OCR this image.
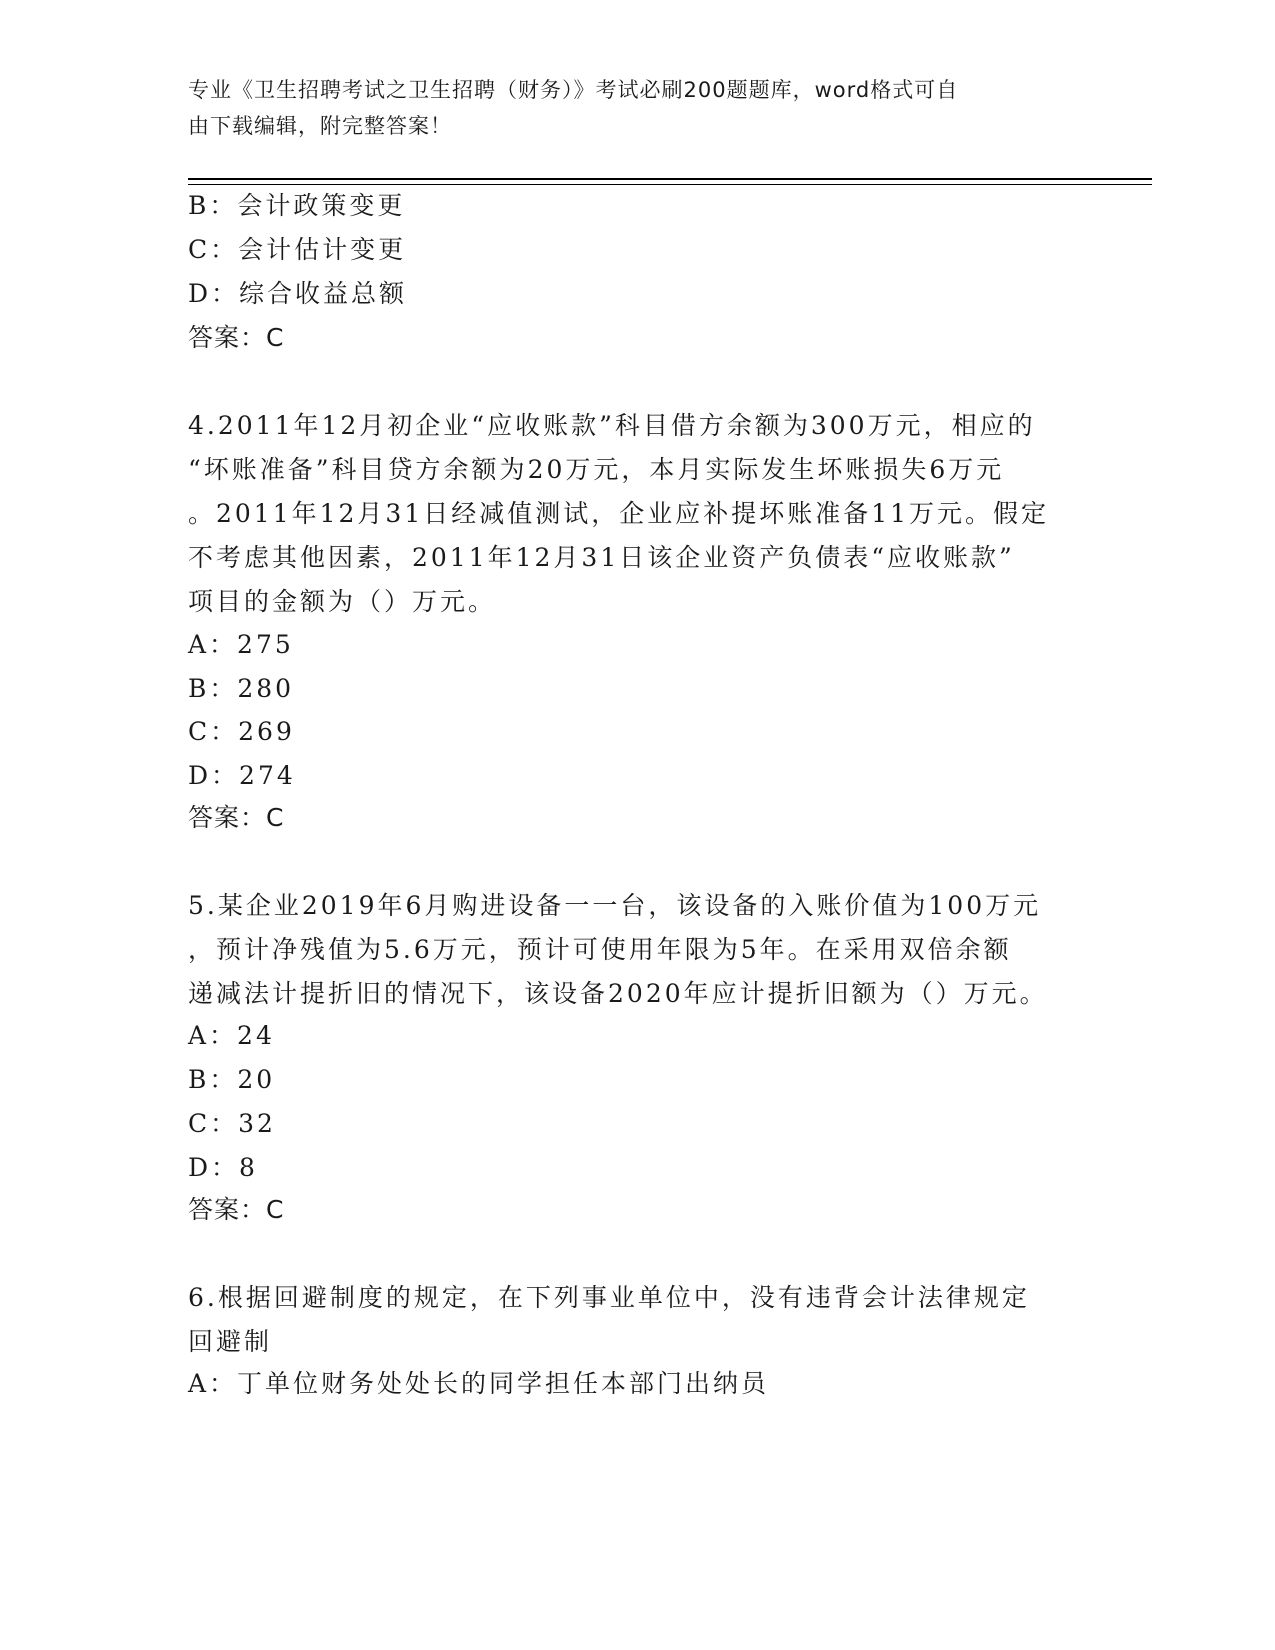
专业《卫生招聘考试之卫生招聘（财务）》考试必刷200题题库，word格式可自
由下载编辑，附完整答案！
B：会计政策变更
C：会计估计变更
D：综合收益总额
答案：C
4.2011年12月初企业“应收账款”科目借方余额为300万元，相应的
“坏账准备”科目贷方余额为20万元，本月实际发生坏账损失6万元
。2011年12月31日经减值测试，企业应补提坏账准备11万元。假定
不考虑其他因素，2011年12月31日该企业资产负债表“应收账款”
项目的金额为（）万元。
A：275
B：280
C：269
D：274
答案：C
5.某企业2019年6月购进设备一一台，该设备的入账价值为100万元
，预计净残值为5.6万元，预计可使用年限为5年。在采用双倍余额
递减法计提折旧的情况下，该设备2020年应计提折旧额为（）万元。
A：24
B：20
C：32
D：8
答案：C
6.根据回避制度的规定，在下列事业单位中，没有违背会计法律规定
回避制
A：丁单位财务处处长的同学担任本部门出纳员
